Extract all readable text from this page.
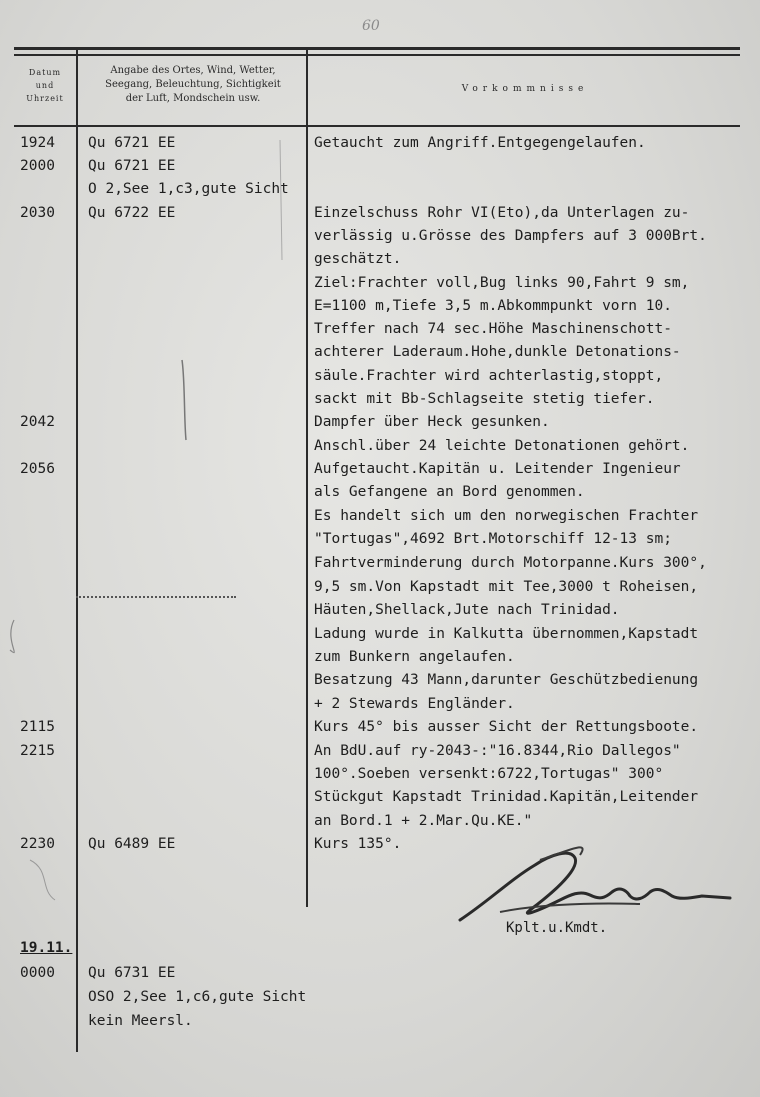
60
Datum
und
Uhrzeit
Angabe des Ortes, Wind, Wetter,
Seegang, Beleuchtung, Sichtigkeit
der Luft, Mondschein usw.
Vorkommnisse
1924
2000
2030
2042
2056
2115
2215
2230
19.11.
0000
Qu 6721 EE
Qu 6721 EE
O 2,See 1,c3,gute Sicht
Qu 6722 EE
Qu 6489 EE
Qu 6731 EE
OSO 2,See 1,c6,gute Sicht
kein Meersl.
Getaucht zum Angriff.Entgegengelaufen.
Einzelschuss Rohr VI(Eto),da Unterlagen zu-
verlässig u.Grösse des Dampfers auf 3 000Brt.
geschätzt.
Ziel:Frachter voll,Bug links 90,Fahrt 9 sm,
E=1100 m,Tiefe 3,5 m.Abkommpunkt vorn 10.
Treffer nach 74 sec.Höhe Maschinenschott-
achterer Laderaum.Hohe,dunkle Detonations-
säule.Frachter wird achterlastig,stoppt,
sackt mit Bb-Schlagseite stetig tiefer.
Dampfer über Heck gesunken.
Anschl.über 24 leichte Detonationen gehört.
Aufgetaucht.Kapitän u. Leitender Ingenieur
als Gefangene an Bord genommen.
Es handelt sich um den norwegischen Frachter
"Tortugas",4692 Brt.Motorschiff 12-13 sm;
Fahrtverminderung durch Motorpanne.Kurs 300°,
9,5 sm.Von Kapstadt mit Tee,3000 t Roheisen,
Häuten,Shellack,Jute nach Trinidad.
Ladung wurde in Kalkutta übernommen,Kapstadt
zum Bunkern angelaufen.
Besatzung 43 Mann,darunter Geschützbedienung
+ 2 Stewards Engländer.
Kurs 45° bis ausser Sicht der Rettungsboote.
An BdU.auf ry-2043-:"16.8344,Rio Dallegos"
100°.Soeben versenkt:6722,Tortugas" 300°
Stückgut Kapstadt Trinidad.Kapitän,Leitender
an Bord.1 + 2.Mar.Qu.KE."
Kurs 135°.
Kplt.u.Kmdt.
